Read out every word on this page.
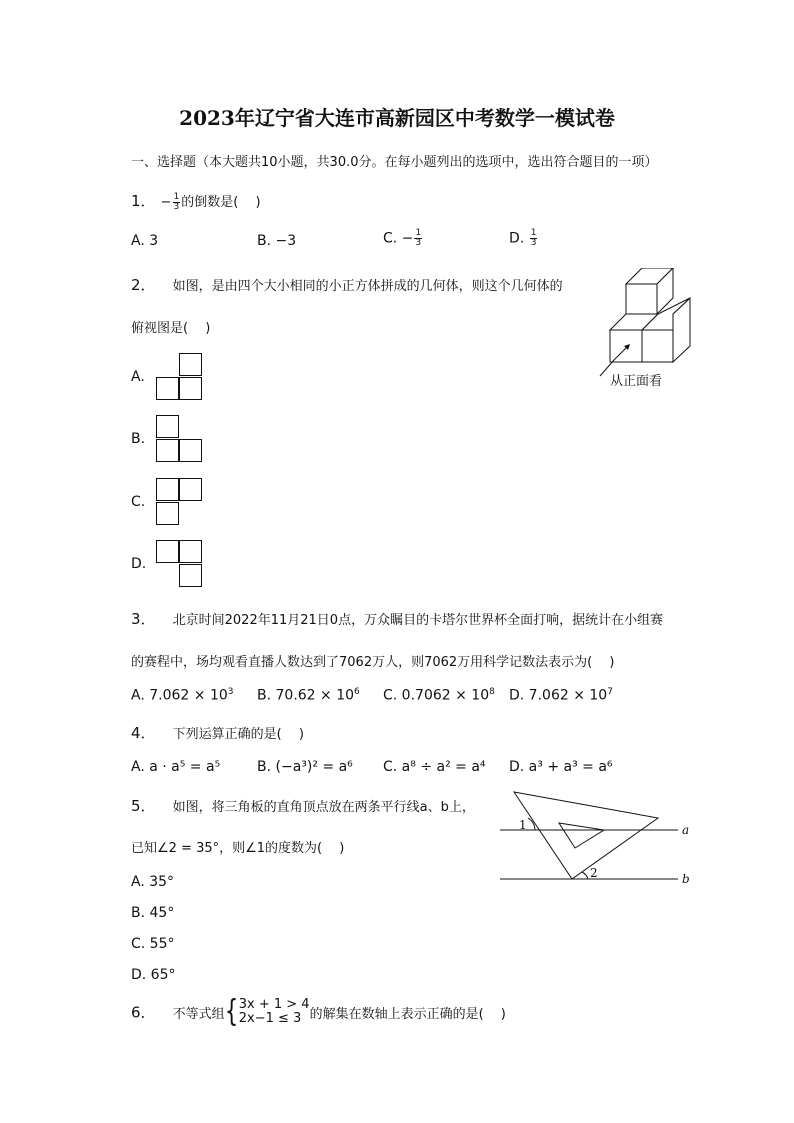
2023年辽宁省大连市高新园区中考数学一模试卷
一、选择题（本大题共10小题，共30.0分。在每小题列出的选项中，选出符合题目的一项）
1． − $\frac{1}{3}$ 的倒数是(　 )
A. 3	B. −3	C. − $\frac{1}{3}$	D. $\frac{1}{3}$
2． 如图，是由四个大小相同的小正方体拼成的几何体，则这个几何体的
俯视图是(　 )
从正面看
A.
B.
C.
D.
3． 北京时间2022年11月21日0点，万众瞩目的卡塔尔世界杯全面打响，据统计在小组赛
的赛程中，场均观看直播人数达到了7062万人，则7062万用科学记数法表示为(　 )
A. $7.062 \times 10^3$ B. $70.62 \times 10^6$ C. $0.7062 \times 10^8$ D. $7.062 \times 10^7$
4． 下列运算正确的是(　 )
A. a · a⁵ = a⁵	B. (−a³)² = a⁶ C. a⁸ ÷ a² = a⁴ D. a³ + a³ = a⁶
5． 如图，将三角板的直角顶点放在两条平行线a、b上，
已知∠2 = 35°，则∠1的度数为(　 )
1
2
a
b
A. 35°
B. 45°
C. 55°
D. 65°
6． 不等式组{ 3x + 1 > 4
2x−1 ≤ 3 的解集在数轴上表示正确的是(　 )
